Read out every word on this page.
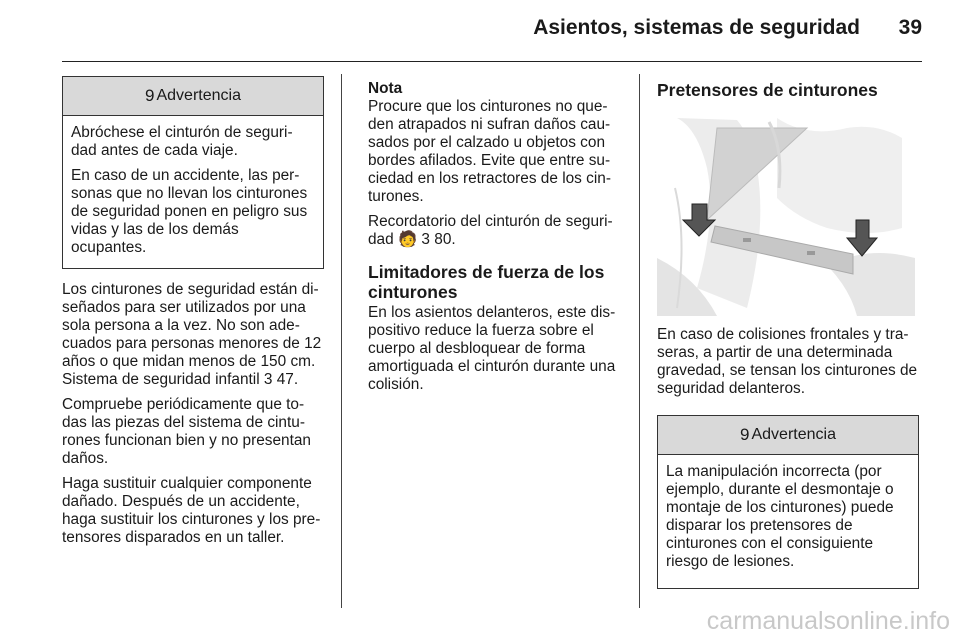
Asientos, sistemas de seguridad 39
9 Advertencia

Abróchese el cinturón de seguri- dad antes de cada viaje.

En caso de un accidente, las per- sonas que no llevan los cinturones de seguridad ponen en peligro sus vidas y las de los demás ocupantes.

Los cinturones de seguridad están di- señados para ser utilizados por una sola persona a la vez. No son ade- cuados para personas menores de 12 años o que midan menos de 150 cm. Sistema de seguridad infantil 3 47.

Compruebe periódicamente que to- das las piezas del sistema de cintu- rones funcionan bien y no presentan daños.

Haga sustituir cualquier componente dañado. Después de un accidente, haga sustituir los cinturones y los pre- tensores disparados en un taller.

Nota

Procure que los cinturones no que- den atrapados ni sufran daños cau- sados por el calzado u objetos con bordes afilados. Evite que entre su- ciedad en los retractores de los cin- turones.

Recordatorio del cinturón de seguri- dad 🧑 3 80.

Limitadores de fuerza de los cinturones

En los asientos delanteros, este dis- positivo reduce la fuerza sobre el cuerpo al desbloquear de forma amortiguada el cinturón durante una colisión.

Pretensores de cinturones

En caso de colisiones frontales y tra- seras, a partir de una determinada gravedad, se tensan los cinturones de seguridad delanteros.

9 Advertencia

La manipulación incorrecta (por ejemplo, durante el desmontaje o montaje de los cinturones) puede disparar los pretensores de cinturones con el consiguiente riesgo de lesiones.

carmanualsonline.info
